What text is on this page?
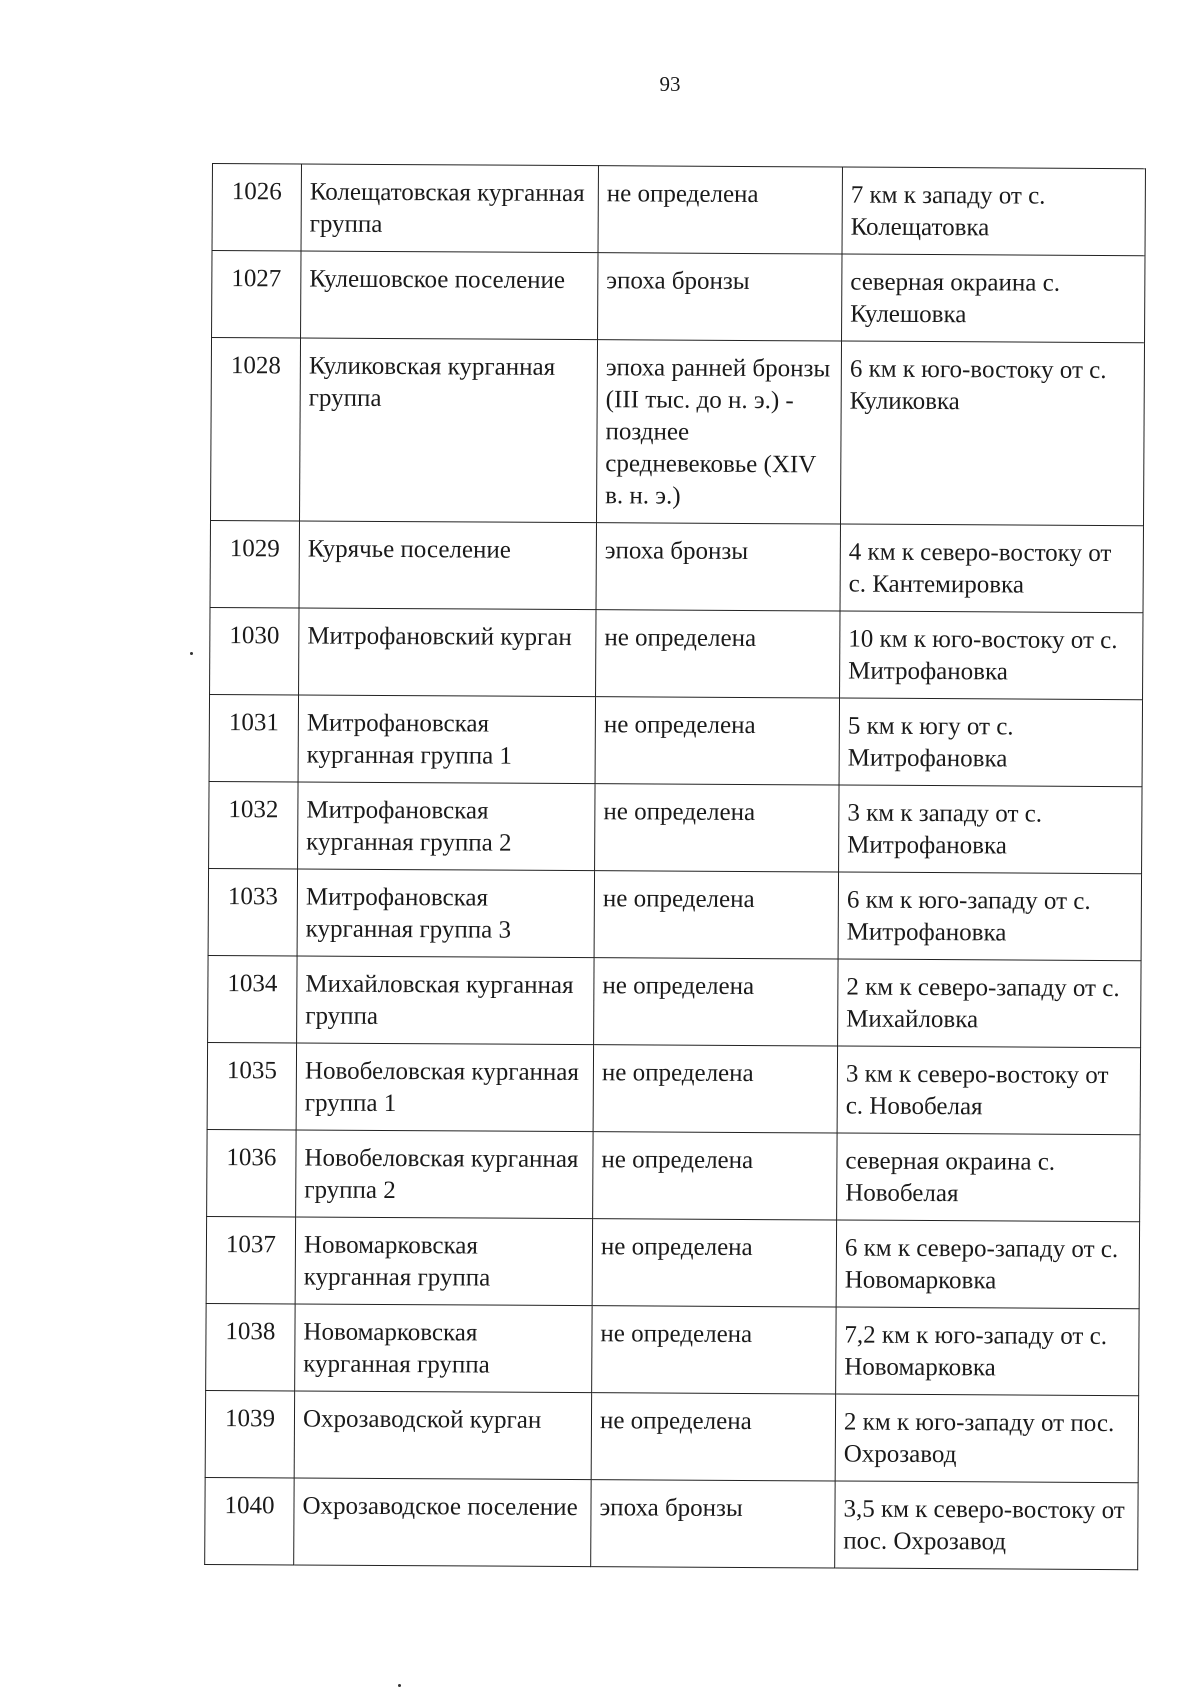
93
1026	Колещатовская курганная группа	не определена	7 км к западу от с. Колещатовка
1027	Кулешовское поселение	эпоха бронзы	северная окраина с. Кулешовка
1028	Куликовская курганная группа	эпоха ранней бронзы (III тыс. до н. э.) - позднее средневековье (XIV в. н. э.)	6 км к юго-востоку от с. Куликовка
1029	Курячье поселение	эпоха бронзы	4 км к северо-востоку от с. Кантемировка
1030	Митрофановский курган	не определена	10 км к юго-востоку от с. Митрофановка
1031	Митрофановская курганная группа 1	не определена	5 км к югу от с. Митрофановка
1032	Митрофановская курганная группа 2	не определена	3 км к западу от с. Митрофановка
1033	Митрофановская курганная группа 3	не определена	6 км к юго-западу от с. Митрофановка
1034	Михайловская курганная группа	не определена	2 км к северо-западу от с. Михайловка
1035	Новобеловская курганная группа 1	не определена	3 км к северо-востоку от с. Новобелая
1036	Новобеловская курганная группа 2	не определена	северная окраина с. Новобелая
1037	Новомарковская курганная группа	не определена	6 км к северо-западу от с. Новомарковка
1038	Новомарковская курганная группа	не определена	7,2 км к юго-западу от с. Новомарковка
1039	Охрозаводской курган	не определена	2 км к юго-западу от пос. Охрозавод
1040	Охрозаводское поселение	эпоха бронзы	3,5 км к северо-востоку от пос. Охрозавод
